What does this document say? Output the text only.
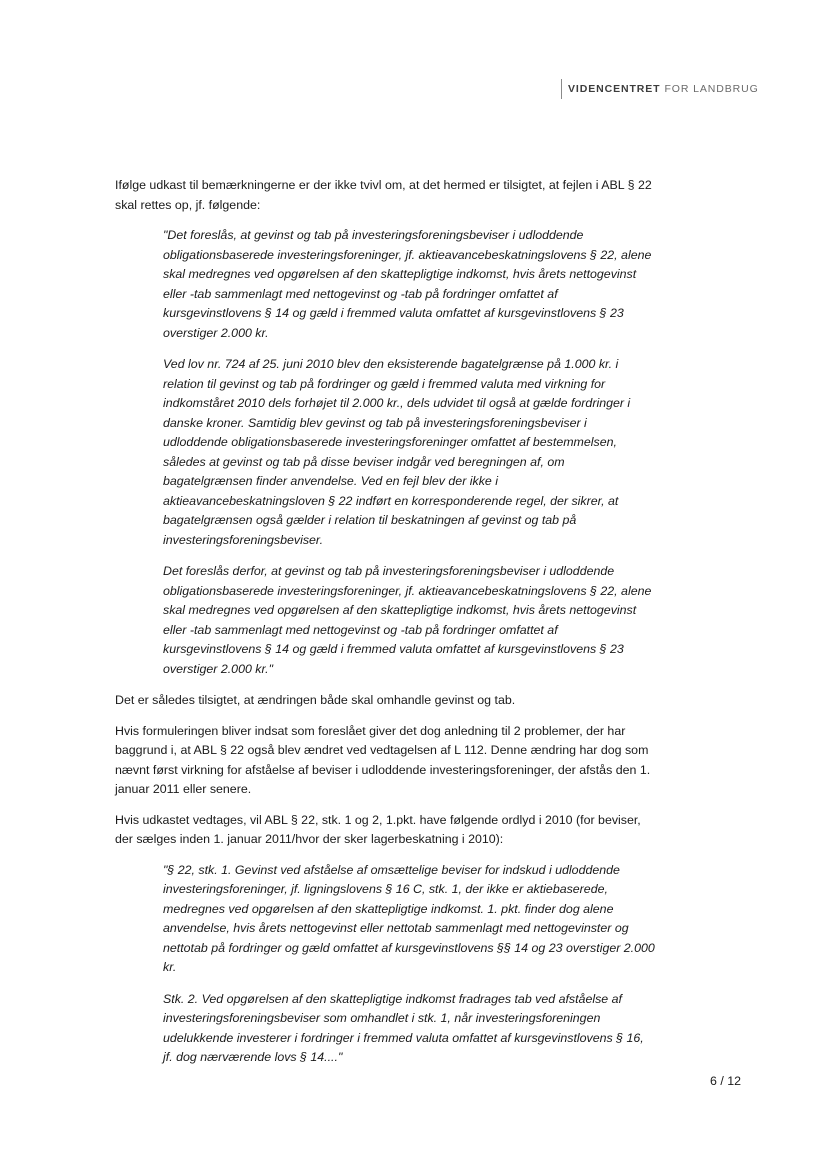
VIDENCENTRET FOR LANDBRUG

Ifølge udkast til bemærkningerne er der ikke tvivl om, at det hermed er tilsigtet, at fejlen i ABL § 22 skal rettes op, jf. følgende:

"Det foreslås, at gevinst og tab på investeringsforeningsbeviser i udloddende obligationsbaserede investeringsforeninger, jf. aktieavancebeskatningslovens § 22, alene skal medregnes ved opgørelsen af den skattepligtige indkomst, hvis årets nettogevinst eller -tab sammenlagt med nettogevinst og -tab på fordringer omfattet af kursgevinstlovens § 14 og gæld i fremmed valuta omfattet af kursgevinstlovens § 23 overstiger 2.000 kr.

Ved lov nr. 724 af 25. juni 2010 blev den eksisterende bagatelgrænse på 1.000 kr. i relation til gevinst og tab på fordringer og gæld i fremmed valuta med virkning for indkomståret 2010 dels forhøjet til 2.000 kr., dels udvidet til også at gælde fordringer i danske kroner. Samtidig blev gevinst og tab på investeringsforeningsbeviser i udloddende obligationsbaserede investeringsforeninger omfattet af bestemmelsen, således at gevinst og tab på disse beviser indgår ved beregningen af, om bagatelgrænsen finder anvendelse. Ved en fejl blev der ikke i aktieavancebeskatningsloven § 22 indført en korresponderende regel, der sikrer, at bagatelgrænsen også gælder i relation til beskatningen af gevinst og tab på investeringsforeningsbeviser.

Det foreslås derfor, at gevinst og tab på investeringsforeningsbeviser i udloddende obligationsbaserede investeringsforeninger, jf. aktieavancebeskatningslovens § 22, alene skal medregnes ved opgørelsen af den skattepligtige indkomst, hvis årets nettogevinst eller -tab sammenlagt med nettogevinst og -tab på fordringer omfattet af kursgevinstlovens § 14 og gæld i fremmed valuta omfattet af kursgevinstlovens § 23 overstiger 2.000 kr."

Det er således tilsigtet, at ændringen både skal omhandle gevinst og tab.

Hvis formuleringen bliver indsat som foreslået giver det dog anledning til 2 problemer, der har baggrund i, at ABL § 22 også blev ændret ved vedtagelsen af L 112. Denne ændring har dog som nævnt først virkning for afståelse af beviser i udloddende investeringsforeninger, der afstås den 1. januar 2011 eller senere.

Hvis udkastet vedtages, vil ABL § 22, stk. 1 og 2, 1.pkt. have følgende ordlyd i 2010 (for beviser, der sælges inden 1. januar 2011/hvor der sker lagerbeskatning i 2010):

"§ 22, stk. 1. Gevinst ved afståelse af omsættelige beviser for indskud i udloddende investeringsforeninger, jf. ligningslovens § 16 C, stk. 1, der ikke er aktiebaserede, medregnes ved opgørelsen af den skattepligtige indkomst. 1. pkt. finder dog alene anvendelse, hvis årets nettogevinst eller nettotab sammenlagt med nettogevinster og nettotab på fordringer og gæld omfattet af kursgevinstlovens §§ 14 og 23 overstiger 2.000 kr.

Stk. 2. Ved opgørelsen af den skattepligtige indkomst fradrages tab ved afståelse af investeringsforeningsbeviser som omhandlet i stk. 1, når investeringsforeningen udelukkende investerer i fordringer i fremmed valuta omfattet af kursgevinstlovens § 16, jf. dog nærværende lovs § 14...."

6 / 12
